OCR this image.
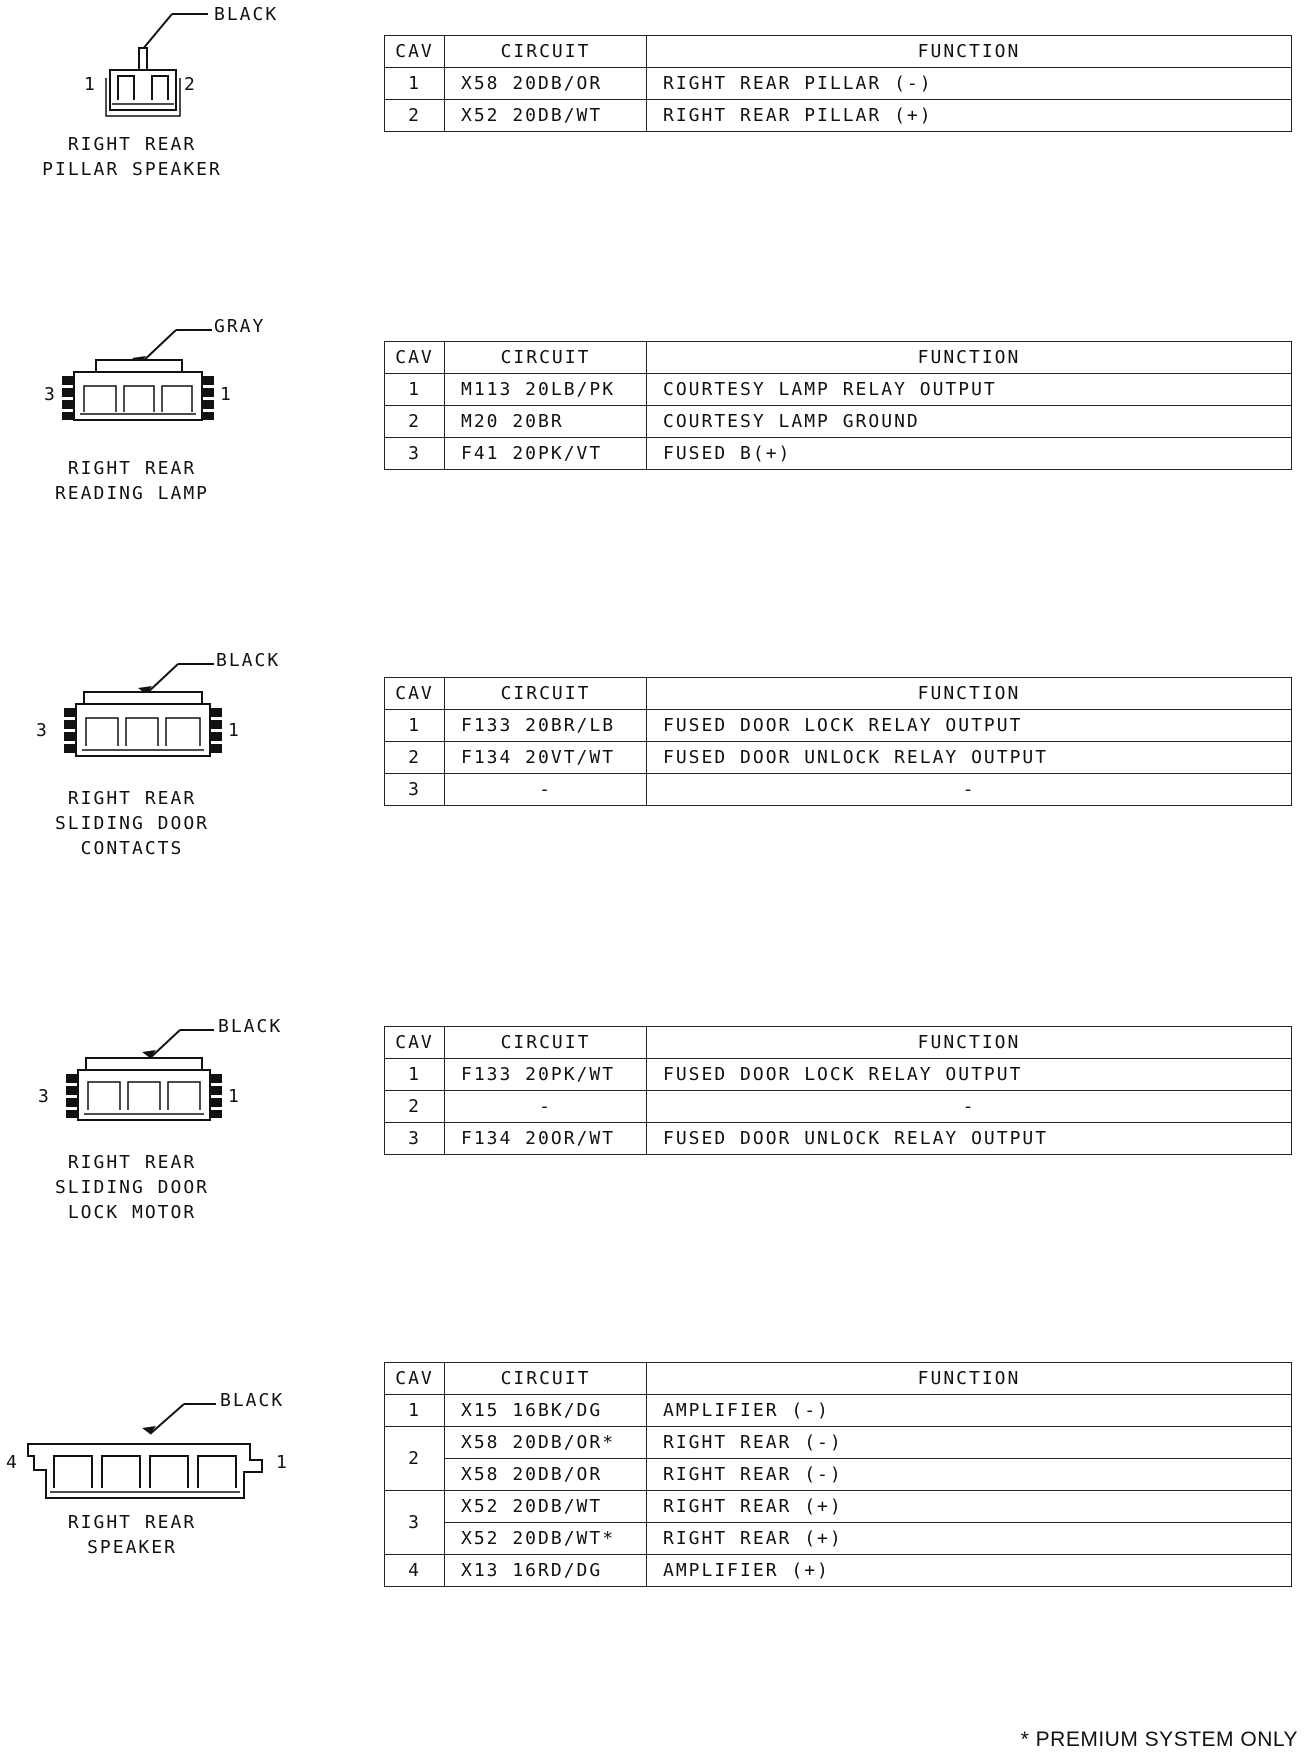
BLACK
1	2
RIGHT REAR
PILLAR SPEAKER
CAV	CIRCUIT	FUNCTION
1	X58 20DB/OR	RIGHT REAR PILLAR (-)
2	X52 20DB/WT	RIGHT REAR PILLAR (+)
GRAY
3	1
RIGHT REAR
READING LAMP
CAV	CIRCUIT	FUNCTION
1	M113 20LB/PK	COURTESY LAMP RELAY OUTPUT
2	M20 20BR	COURTESY LAMP GROUND
3	F41 20PK/VT	FUSED B(+)
BLACK
3	1
RIGHT REAR
SLIDING DOOR
CONTACTS
CAV	CIRCUIT	FUNCTION
1	F133 20BR/LB	FUSED DOOR LOCK RELAY OUTPUT
2	F134 20VT/WT	FUSED DOOR UNLOCK RELAY OUTPUT
3	-	-
BLACK
3	1
RIGHT REAR
SLIDING DOOR
LOCK MOTOR
CAV	CIRCUIT	FUNCTION
1	F133 20PK/WT	FUSED DOOR LOCK RELAY OUTPUT
2	-	-
3	F134 20OR/WT	FUSED DOOR UNLOCK RELAY OUTPUT
BLACK
4	1
RIGHT REAR
SPEAKER
CAV	CIRCUIT	FUNCTION
1	X15 16BK/DG	AMPLIFIER (-)
2	X58 20DB/OR*	RIGHT REAR (-)
	X58 20DB/OR	RIGHT REAR (-)
3	X52 20DB/WT	RIGHT REAR (+)
	X52 20DB/WT*	RIGHT REAR (+)
4	X13 16RD/DG	AMPLIFIER (+)
* PREMIUM SYSTEM ONLY
